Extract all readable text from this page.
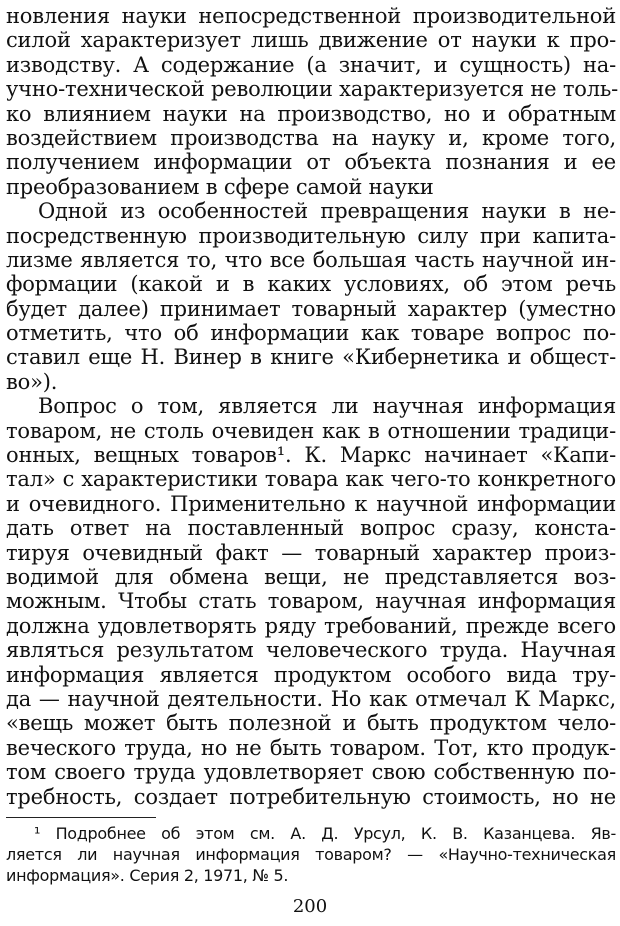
новления науки непосредственной производительной
силой характеризует лишь движение от науки к про-
изводству. А содержание (а значит, и сущность) на-
учно-технической революции характеризуется не толь-
ко влиянием науки на производство, но и обратным
воздействием производства на науку и, кроме того,
получением информации от объекта познания и ее
преобразованием в сфере самой науки
Одной из особенностей превращения науки в не-
посредственную производительную силу при капита-
лизме является то, что все большая часть научной ин-
формации (какой и в каких условиях, об этом речь
будет далее) принимает товарный характер (уместно
отметить, что об информации как товаре вопрос по-
ставил еще Н. Винер в книге «Кибернетика и общест-
во»).
Вопрос о том, является ли научная информация
товаром, не столь очевиден как в отношении традици-
онных, вещных товаров¹. К. Маркс начинает «Капи-
тал» с характеристики товара как чего-то конкретного
и очевидного. Применительно к научной информации
дать ответ на поставленный вопрос сразу, конста-
тируя очевидный факт — товарный характер произ-
водимой для обмена вещи, не представляется воз-
можным. Чтобы стать товаром, научная информация
должна удовлетворять ряду требований, прежде всего
являться результатом человеческого труда. Научная
информация является продуктом особого вида тру-
да — научной деятельности. Но как отмечал К Маркс,
«вещь может быть полезной и быть продуктом чело-
веческого труда, но не быть товаром. Тот, кто продук-
том своего труда удовлетворяет свою собственную по-
требность, создает потребительную стоимость, но не
¹ Подробнее об этом см. А. Д. Урсул, К. В. Казанцева. Яв-
ляется ли научная информация товаром? — «Научно-техническая
информация». Серия 2, 1971, № 5.
200
